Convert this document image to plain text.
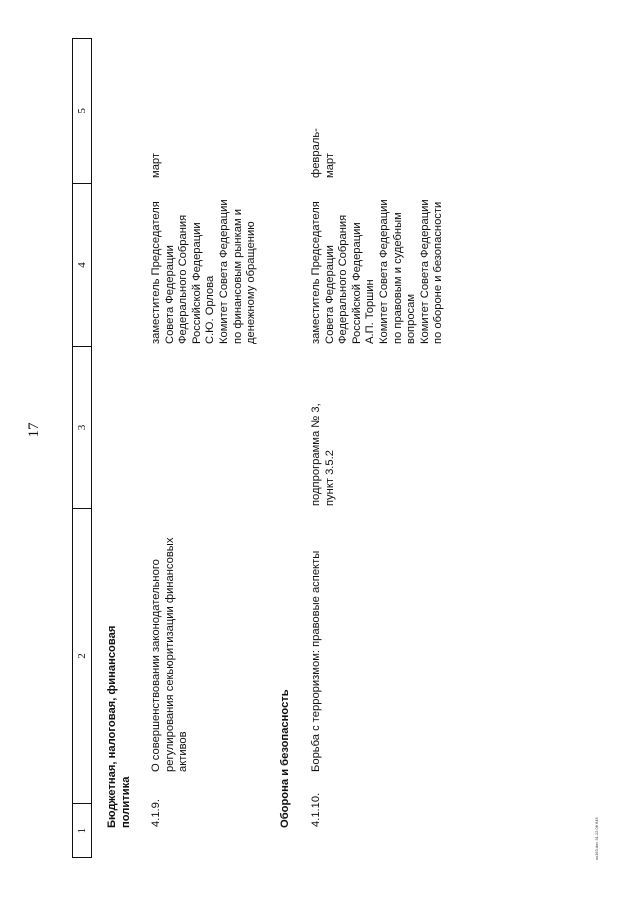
17
1
2
3
4
5
Бюджетная, налоговая, финансовая
политика 4.1.9.
О совершенствовании законодательного
регулирования секьюритизации финансовых
активов
заместитель Председателя
Совета Федерации
Федерального Собрания
Российской Федерации
С.Ю. Орлова
Комитет Совета Федерации
по финансовым рынкам и
денежному обращению
март
Оборона и безопасность 4.1.10.
Борьба с терроризмом: правовые аспекты
подпрограмма № 3,
пункт 3.5.2
заместитель Председателя
Совета Федерации
Федерального Собрания
Российской Федерации
А.П. Торшин
Комитет Совета Федерации
по правовым и судебным
вопросам
Комитет Совета Федерации
по обороне и безопасности
февраль-
март
vv163.doc 31.12.06 645
